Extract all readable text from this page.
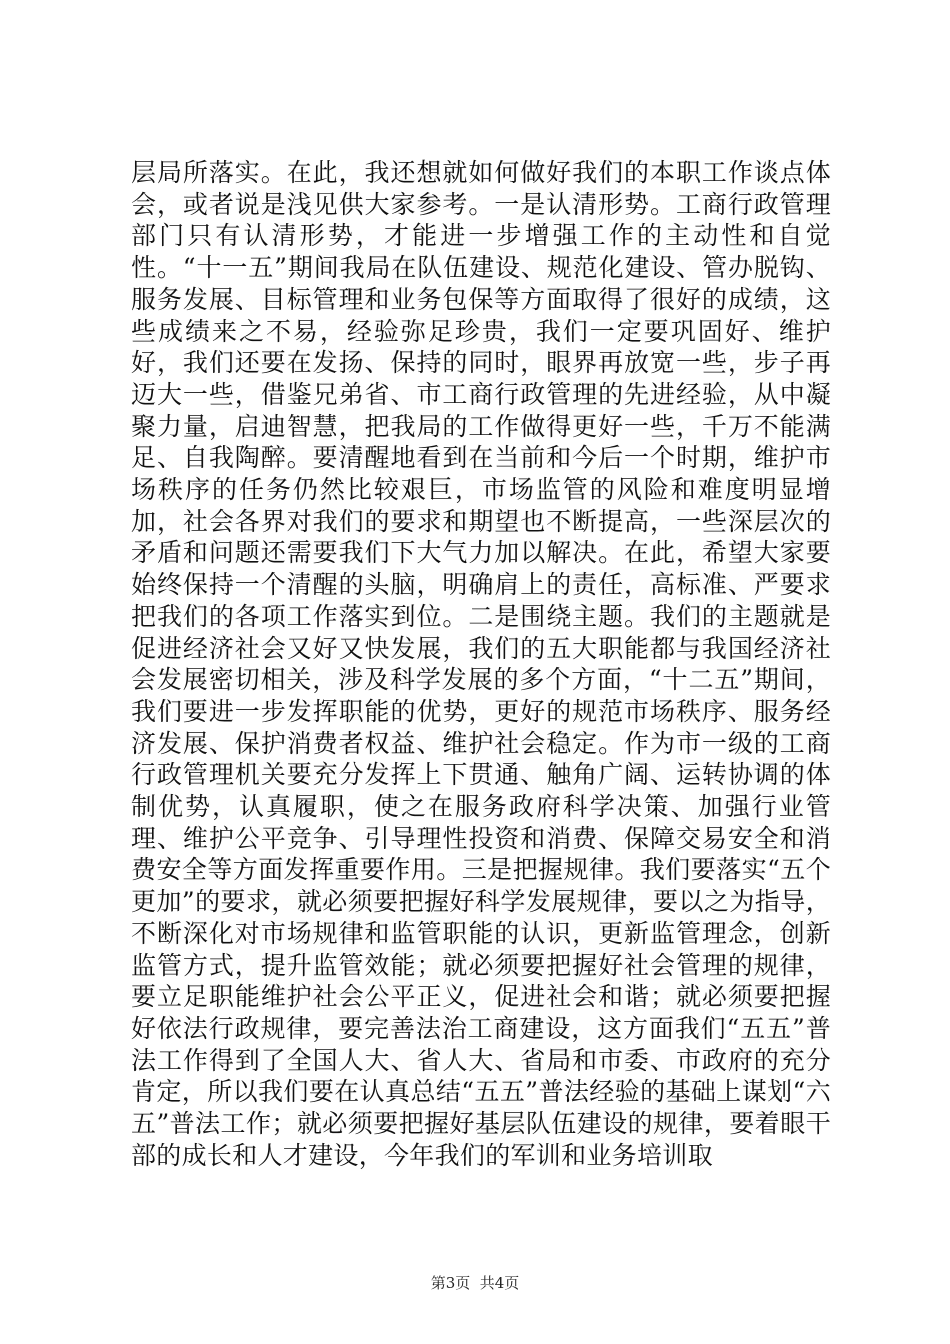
层局所落实。在此，我还想就如何做好我们的本职工作谈点体会，或者说是浅见供大家参考。一是认清形势。工商行政管理部门只有认清形势，才能进一步增强工作的主动性和自觉性。“十一五”期间我局在队伍建设、规范化建设、管办脱钩、服务发展、目标管理和业务包保等方面取得了很好的成绩，这些成绩来之不易，经验弥足珍贵，我们一定要巩固好、维护好，我们还要在发扬、保持的同时，眼界再放宽一些，步子再迈大一些，借鉴兄弟省、市工商行政管理的先进经验，从中凝聚力量，启迪智慧，把我局的工作做得更好一些，千万不能满足、自我陶醉。要清醒地看到在当前和今后一个时期，维护市场秩序的任务仍然比较艰巨，市场监管的风险和难度明显增加，社会各界对我们的要求和期望也不断提高，一些深层次的矛盾和问题还需要我们下大气力加以解决。在此，希望大家要始终保持一个清醒的头脑，明确肩上的责任，高标准、严要求把我们的各项工作落实到位。二是围绕主题。我们的主题就是促进经济社会又好又快发展，我们的五大职能都与我国经济社会发展密切相关，涉及科学发展的多个方面，“十二五”期间，我们要进一步发挥职能的优势，更好的规范市场秩序、服务经济发展、保护消费者权益、维护社会稳定。作为市一级的工商行政管理机关要充分发挥上下贯通、触角广阔、运转协调的体制优势，认真履职，使之在服务政府科学决策、加强行业管理、维护公平竞争、引导理性投资和消费、保障交易安全和消费安全等方面发挥重要作用。三是把握规律。我们要落实“五个更加”的要求，就必须要把握好科学发展规律，要以之为指导，不断深化对市场规律和监管职能的认识，更新监管理念，创新监管方式，提升监管效能；就必须要把握好社会管理的规律，要立足职能维护社会公平正义，促进社会和谐；就必须要把握好依法行政规律，要完善法治工商建设，这方面我们“五五”普法工作得到了全国人大、省人大、省局和市委、市政府的充分肯定，所以我们要在认真总结“五五”普法经验的基础上谋划“六五”普法工作；就必须要把握好基层队伍建设的规律，要着眼干部的成长和人才建设，今年我们的军训和业务培训取

第3页  共4页
